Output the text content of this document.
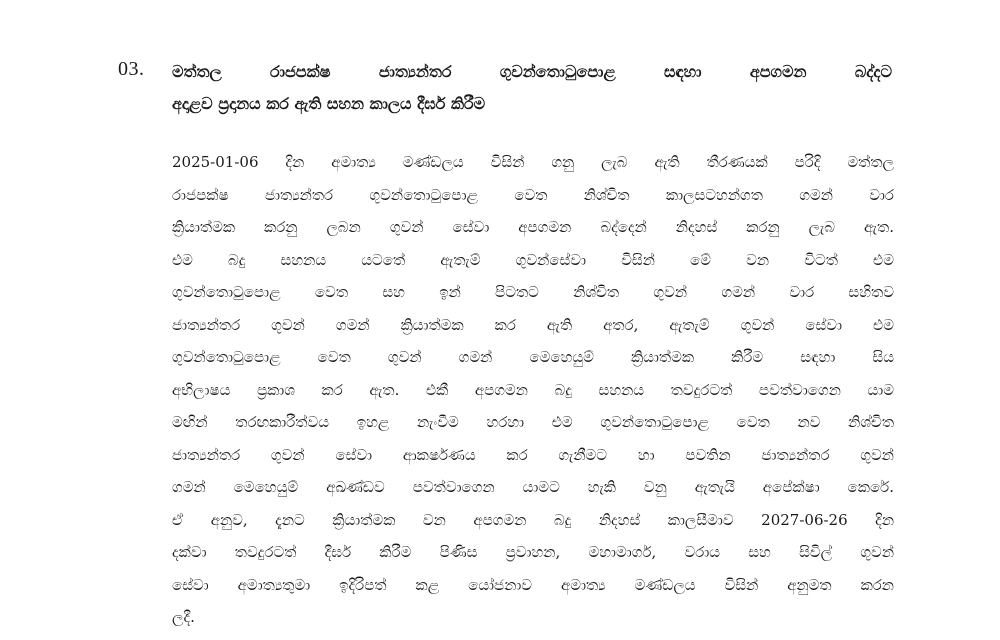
03. මත්තල රාජපක්ෂ ජාත්‍යන්තර ගුවන්තොටුපොළ සඳහා අපගමන බද්දට
අදාළව ප්‍රදානය කර ඇති සහන කාලය දීර්ඝ කිරීම
2025-01-06 දින අමාත්‍ය මණ්ඩලය විසින් ගනු ලැබ ඇති තීරණයක් පරිදි මත්තල
රාජපක්ෂ ජාත්‍යන්තර ගුවන්තොටුපොළ වෙත නිශ්චිත කාලසටහන්ගත ගමන් වාර
ක්‍රියාත්මක කරනු ලබන ගුවන් සේවා අපගමන බද්දෙන් නිදහස් කරනු ලැබ ඇත.
එම බදු සහනය යටතේ ඇතැම් ගුවන්සේවා විසින් මේ වන විටත් එම
ගුවන්තොටුපොළ වෙත සහ ඉන් පිටතට නිශ්චිත ගුවන් ගමන් වාර සහිතව
ජාත්‍යන්තර ගුවන් ගමන් ක්‍රියාත්මක කර ඇති අතර, ඇතැම් ගුවන් සේවා එම
ගුවන්තොටුපොළ වෙත ගුවන් ගමන් මෙහෙයුම් ක්‍රියාත්මක කිරීම සඳහා සිය
අභිලාෂය ප්‍රකාශ කර ඇත. එකී අපගමන බදු සහනය තවදුරටත් පවත්වාගෙන යාම
මඟින් තරඟකාරීත්වය ඉහළ නැංවීම හරහා එම ගුවන්තොටුපොළ වෙත නව නිශ්චිත
ජාත්‍යන්තර ගුවන් සේවා ආකර්ෂණය කර ගැනීමට හා පවතින ජාත්‍යන්තර ගුවන්
ගමන් මෙහෙයුම් අඛණ්ඩව පවත්වාගෙන යාමට හැකි වනු ඇතැයි අපේක්ෂා කෙරේ.
ඒ අනුව, දැනට ක්‍රියාත්මක වන අපගමන බදු නිදහස් කාලසීමාව 2027-06-26 දින
දක්වා තවදුරටත් දීර්ඝ කිරීම පිණිස ප්‍රවාහන, මහාමාර්ග, වරාය සහ සිවිල් ගුවන්
සේවා අමාත්‍යතුමා ඉදිරිපත් කළ යෝජනාව අමාත්‍ය මණ්ඩලය විසින් අනුමත කරන
ලදී.
